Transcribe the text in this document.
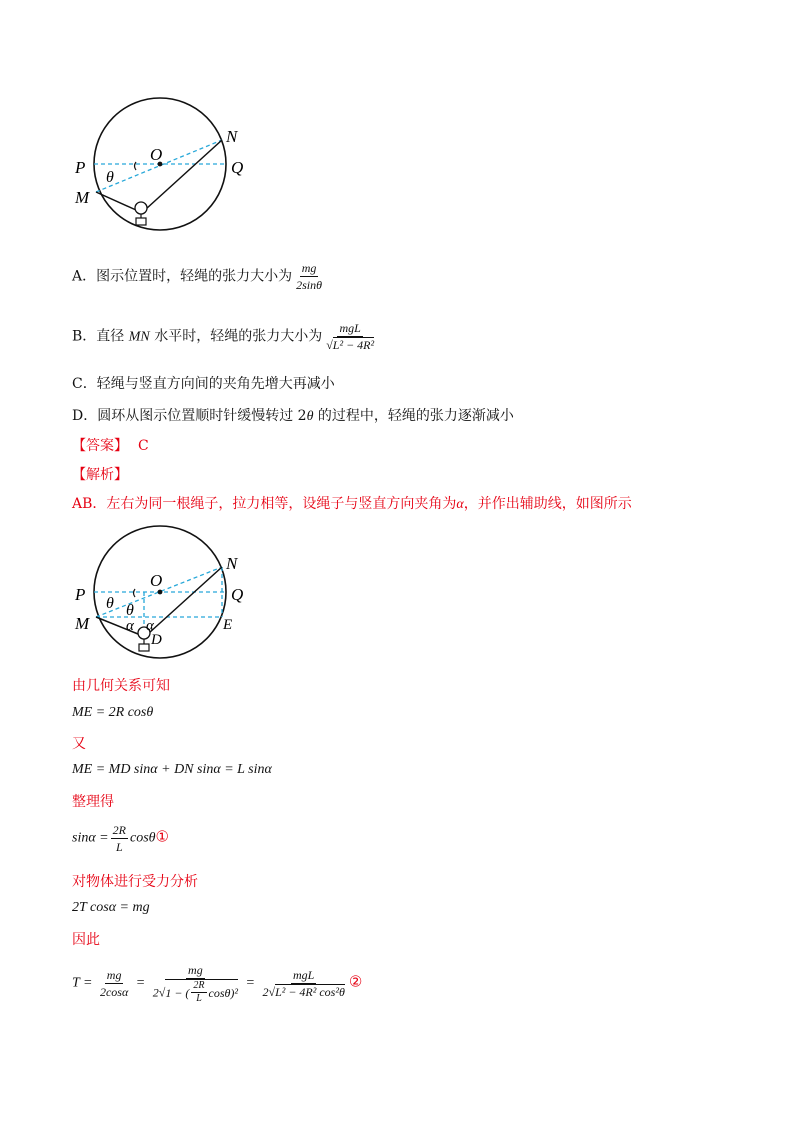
O
N
P	Q
M
θ
A．图示位置时，轻绳的张力大小为 $\frac{mg}{2\sin\theta}$
B．直径 MN 水平时，轻绳的张力大小为 $\frac{\text{mgL}}{\text{√L² − 4R²}}$
C．轻绳与竖直方向间的夹角先增大再减小
D．圆环从图示位置顺时针缓慢转过 2θ 的过程中，轻绳的张力逐渐减小
【答案】 C
【解析】
AB．左右为同一根绳子，拉力相等，设绳子与竖直方向夹角为α，并作出辅助线，如图所示
O
N
P	Q
M	E
D
θ θ
α α
由几何关系可知
ME = 2R cosθ
又
ME = MD sinα + DN sinα = L sinα
整理得
$\sin\alpha = \frac{2R}{L}$ cosθ①
对物体进行受力分析
2T cosα = mg
因此
$T = \frac{mg}{2\cos\alpha} = \frac{mg}{2√ 1 - ( \frac{2R}{L} \cos\theta)^2} = \frac{\text{mgL}}{\text{2√L² − 4R² cos²θ}}$ ②
